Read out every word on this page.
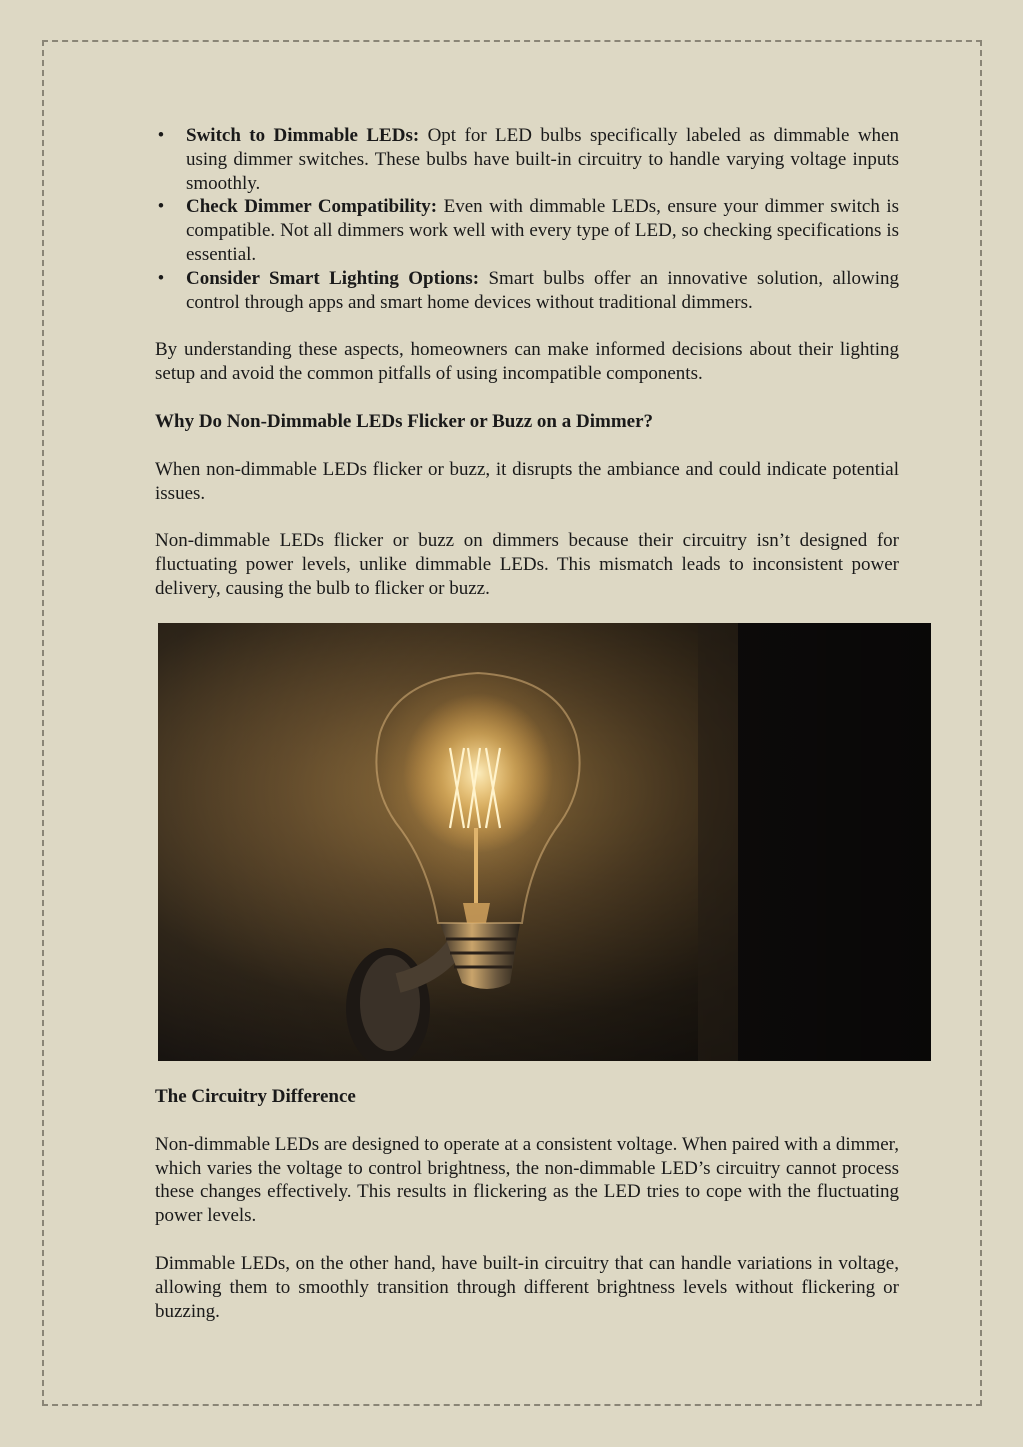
• Switch to Dimmable LEDs: Opt for LED bulbs specifically labeled as dimmable when using dimmer switches. These bulbs have built-in circuitry to handle varying voltage inputs smoothly.
• Check Dimmer Compatibility: Even with dimmable LEDs, ensure your dimmer switch is compatible. Not all dimmers work well with every type of LED, so checking specifications is essential.
• Consider Smart Lighting Options: Smart bulbs offer an innovative solution, allowing control through apps and smart home devices without traditional dimmers.

By understanding these aspects, homeowners can make informed decisions about their lighting setup and avoid the common pitfalls of using incompatible components.

Why Do Non-Dimmable LEDs Flicker or Buzz on a Dimmer?

When non-dimmable LEDs flicker or buzz, it disrupts the ambiance and could indicate potential issues.

Non-dimmable LEDs flicker or buzz on dimmers because their circuitry isn’t designed for fluctuating power levels, unlike dimmable LEDs. This mismatch leads to inconsistent power delivery, causing the bulb to flicker or buzz.

The Circuitry Difference

Non-dimmable LEDs are designed to operate at a consistent voltage. When paired with a dimmer, which varies the voltage to control brightness, the non-dimmable LED’s circuitry cannot process these changes effectively. This results in flickering as the LED tries to cope with the fluctuating power levels.

Dimmable LEDs, on the other hand, have built-in circuitry that can handle variations in voltage, allowing them to smoothly transition through different brightness levels without flickering or buzzing.
